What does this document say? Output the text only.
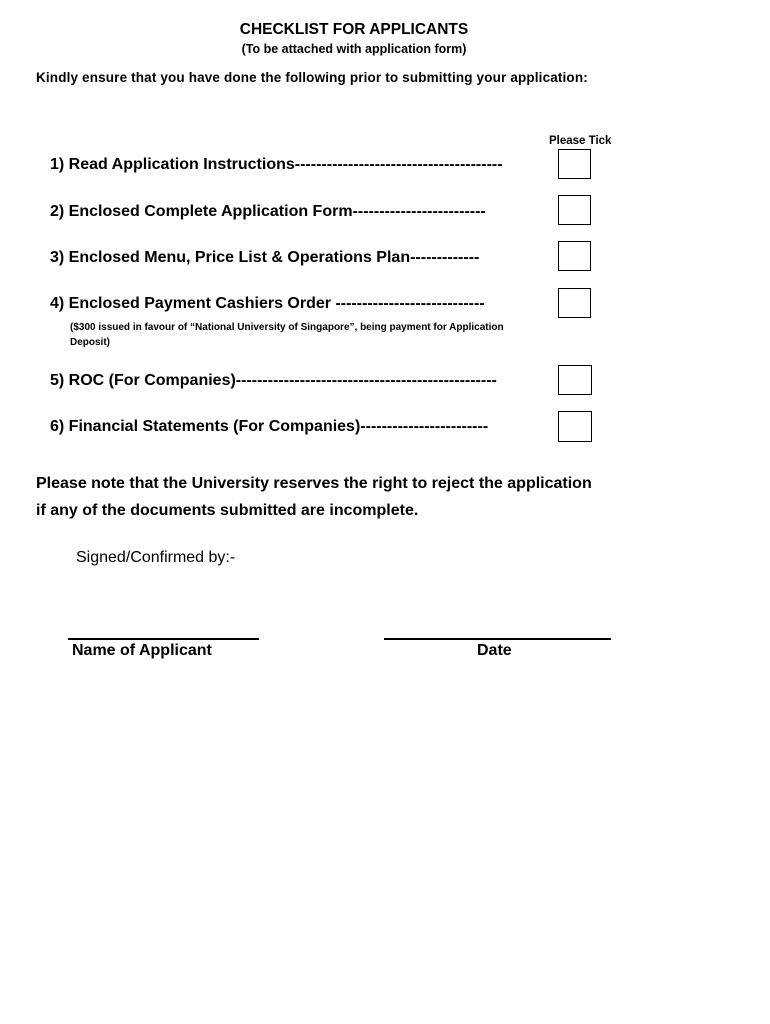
CHECKLIST FOR APPLICANTS
(To be attached with application form)
Kindly ensure that you have done the following prior to submitting your application:
Please Tick
1) Read Application Instructions---------------------------------------
2) Enclosed Complete Application Form-------------------------
3) Enclosed Menu, Price List & Operations Plan-------------
4) Enclosed Payment Cashiers Order ----------------------------
($300 issued in favour of “National University of Singapore”, being payment for Application Deposit)
5) ROC (For Companies)-------------------------------------------------
6) Financial Statements (For Companies)------------------------
Please note that the University reserves the right to reject the application if any of the documents submitted are incomplete.
Signed/Confirmed by:-
Name of Applicant	Date
